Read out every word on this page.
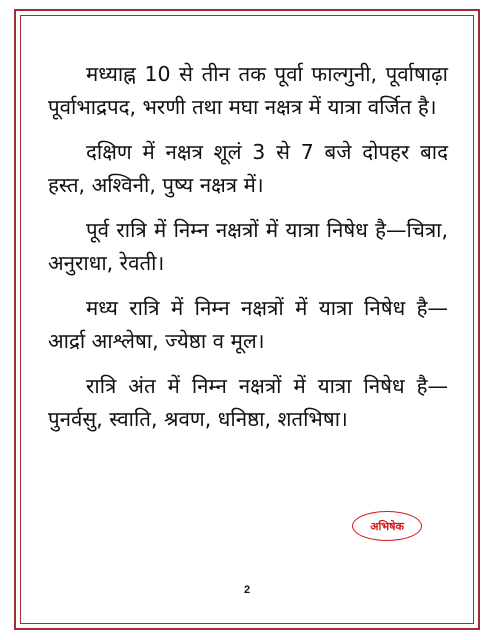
मध्याह्न 10 से तीन तक पूर्वा फाल्गुनी, पूर्वाषाढ़ा पूर्वाभाद्रपद, भरणी तथा मघा नक्षत्र में यात्रा वर्जित है।

दक्षिण में नक्षत्र शूलं 3 से 7 बजे दोपहर बाद हस्त, अश्विनी, पुष्य नक्षत्र में।

पूर्व रात्रि में निम्न नक्षत्रों में यात्रा निषेध है—चित्रा, अनुराधा, रेवती।

मध्य रात्रि में निम्न नक्षत्रों में यात्रा निषेध है— आर्द्रा आश्लेषा, ज्येष्ठा व मूल।

रात्रि अंत में निम्न नक्षत्रों में यात्रा निषेध है—पुनर्वसु, स्वाति, श्रवण, धनिष्ठा, शतभिषा।

अभिषेक
2
